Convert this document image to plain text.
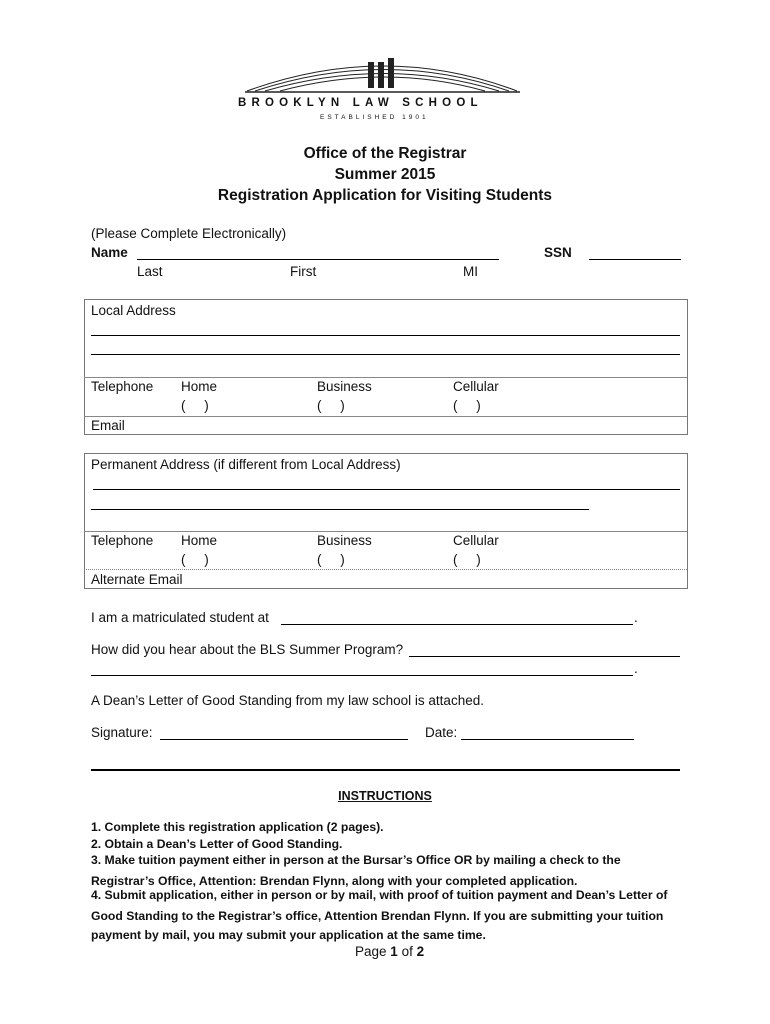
BROOKLYN LAW SCHOOL
ESTABLISHED 1901
Office of the Registrar
Summer 2015
Registration Application for Visiting Students
(Please Complete Electronically)
Name	SSN
Last	First	MI
Local Address
Telephone Home	Business	Cellular
(     )	(     )	(     )
Email
Permanent Address (if different from Local Address)
Telephone Home	Business	Cellular
(     )	(     )	(     )
Alternate Email
I am a matriculated student at	.
How did you hear about the BLS Summer Program?
.
A Dean’s Letter of Good Standing from my law school is attached.
Signature:	Date:
INSTRUCTIONS
1. Complete this registration application (2 pages).
2. Obtain a Dean’s Letter of Good Standing.
3. Make tuition payment either in person at the Bursar’s Office OR by mailing a check to the
Registrar’s Office, Attention: Brendan Flynn, along with your completed application.
4. Submit application, either in person or by mail, with proof of tuition payment and Dean’s Letter of
Good Standing to the Registrar’s office, Attention Brendan Flynn. If you are submitting your tuition
payment by mail, you may submit your application at the same time.
Page 1 of 2
